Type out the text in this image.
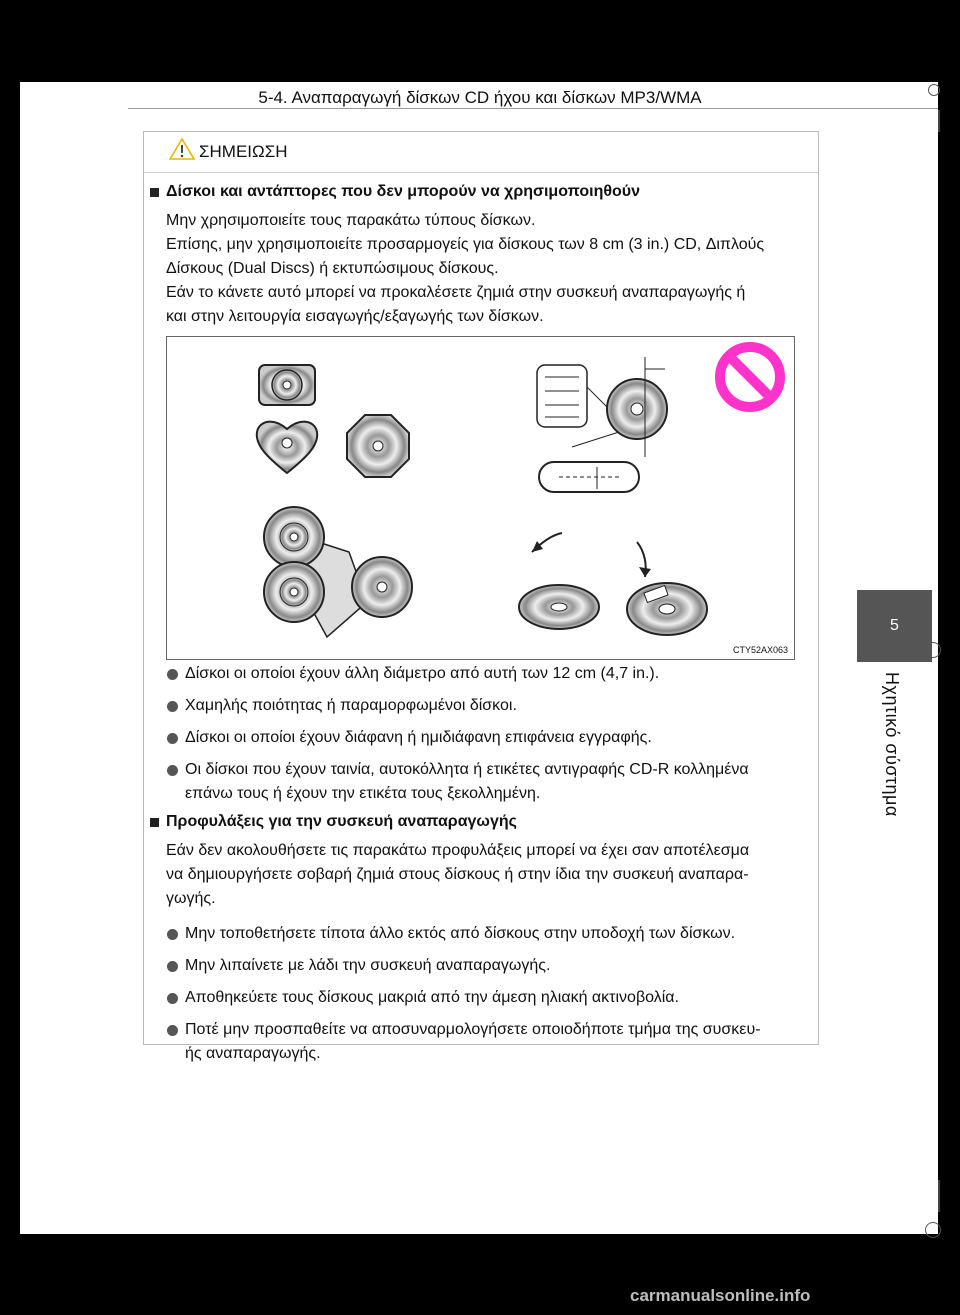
5-4. Αναπαραγωγή δίσκων CD ήχου και δίσκων MP3/WMA
5
Ηχητικό σύστημα
ΣΗΜΕΙΩΣΗ
Δίσκοι και αντάπτορες που δεν μπορούν να χρησιμοποιηθούν
Μην χρησιμοποιείτε τους παρακάτω τύπους δίσκων.
Επίσης, μην χρησιμοποιείτε προσαρμογείς για δίσκους των 8 cm (3 in.) CD, Διπλούς
Δίσκους (Dual Discs) ή εκτυπώσιμους δίσκους.
Εάν το κάνετε αυτό μπορεί να προκαλέσετε ζημιά στην συσκευή αναπαραγωγής ή
και στην λειτουργία εισαγωγής/εξαγωγής των δίσκων.
CTY52AX063
Δίσκοι οι οποίοι έχουν άλλη διάμετρο από αυτή των 12 cm (4,7 in.).
Χαμηλής ποιότητας ή παραμορφωμένοι δίσκοι.
Δίσκοι οι οποίοι έχουν διάφανη ή ημιδιάφανη επιφάνεια εγγραφής.
Οι δίσκοι που έχουν ταινία, αυτοκόλλητα ή ετικέτες αντιγραφής CD-R κολλημένα
επάνω τους ή έχουν την ετικέτα τους ξεκολλημένη.
Προφυλάξεις για την συσκευή αναπαραγωγής
Εάν δεν ακολουθήσετε τις παρακάτω προφυλάξεις μπορεί να έχει σαν αποτέλεσμα
να δημιουργήσετε σοβαρή ζημιά στους δίσκους ή στην ίδια την συσκευή αναπαρα-
γωγής.
Μην τοποθετήσετε τίποτα άλλο εκτός από δίσκους στην υποδοχή των δίσκων.
Μην λιπαίνετε με λάδι την συσκευή αναπαραγωγής.
Αποθηκεύετε τους δίσκους μακριά από την άμεση ηλιακή ακτινοβολία.
Ποτέ μην προσπαθείτε να αποσυναρμολογήσετε οποιοδήποτε τμήμα της συσκευ-
ής αναπαραγωγής.
carmanualsonline.info
